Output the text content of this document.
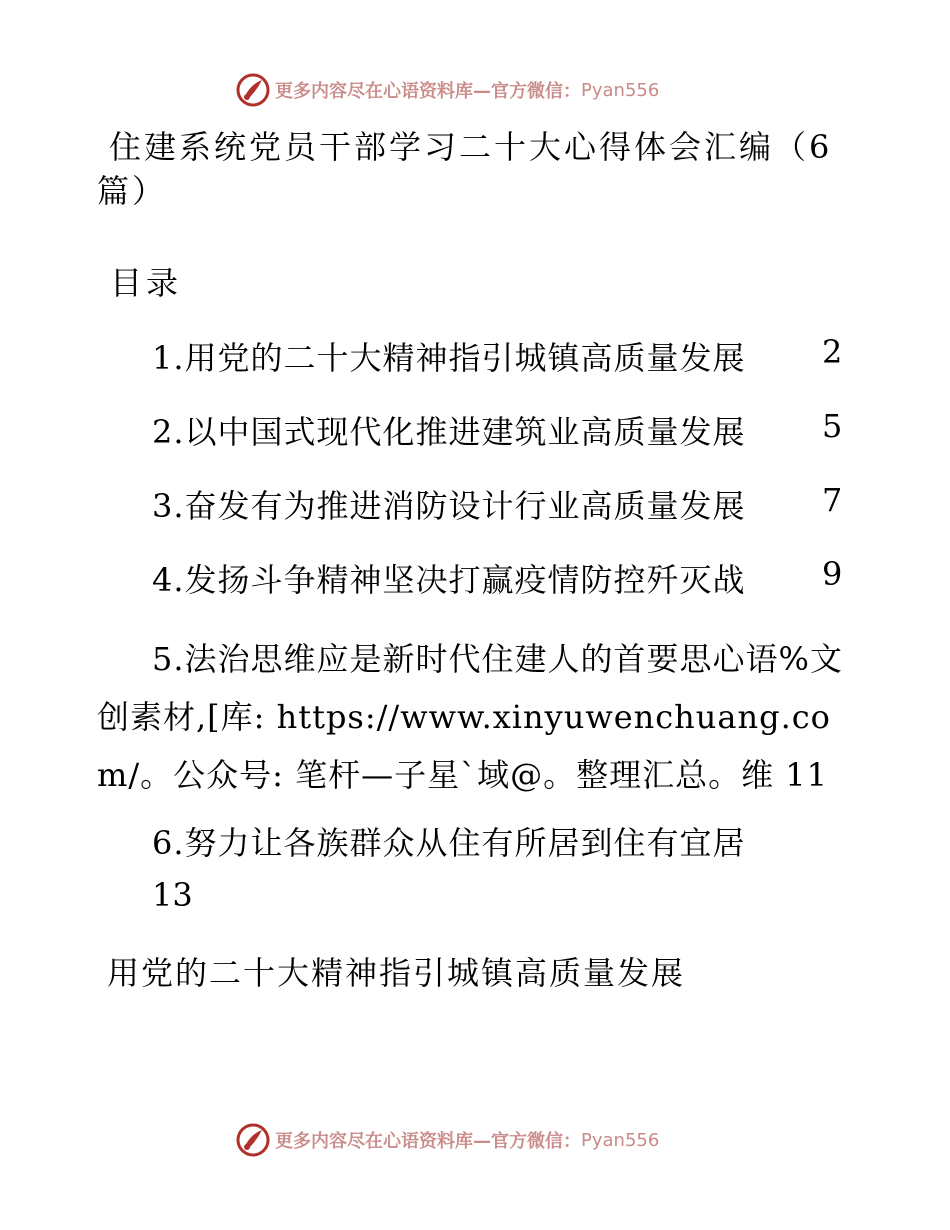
更多内容尽在心语资料库—官方微信： Pyan556
住建系统党员干部学习二十大心得体会汇编（6篇）
目录
1.用党的二十大精神指引城镇高质量发展 2
2.以中国式现代化推进建筑业高质量发展 5
3.奋发有为推进消防设计行业高质量发展 7
4.发扬斗争精神坚决打赢疫情防控歼灭战 9
5.法治思维应是新时代住建人的首要思心语%文创素材,[库: https://www.xinyuwenchuang.com/。公众号: 笔杆—子星`域@。整理汇总。维 11
6.努力让各族群众从住有所居到住有宜居
13
用党的二十大精神指引城镇高质量发展
更多内容尽在心语资料库—官方微信： Pyan556
